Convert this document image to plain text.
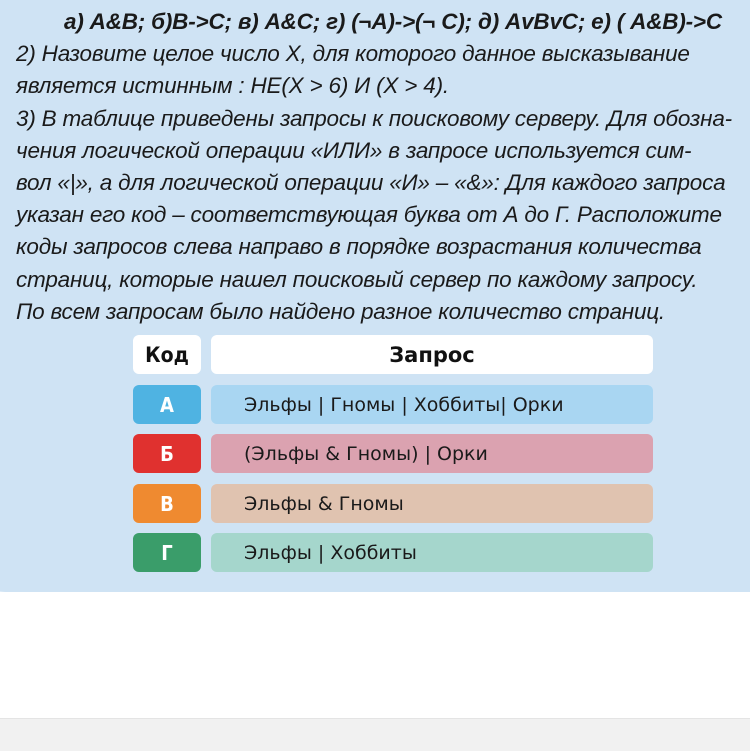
а) A&B; б)B->C; в) A&C; г) (¬A)->(¬ C); д) AvBvC; е) ( A&B)->C
2) Назовите целое число Х, для которого данное высказывание
является истинным : НЕ(X > 6) И (X > 4).
3) В таблице приведены запросы к поисковому серверу. Для обозна-
чения логической операции «ИЛИ» в запросе используется сим-
вол «|», а для логической операции «И» – «&»: Для каждого запроса
указан его код – соответствующая буква от А до Г. Расположите
коды запросов слева направо в порядке возрастания количества
страниц, которые нашел поисковый сервер по каждому запросу.
По всем запросам было найдено разное количество страниц.
Код	Запрос
А	Эльфы | Гномы | Хоббиты| Орки
Б	(Эльфы & Гномы) | Орки
В	Эльфы & Гномы
Г	Эльфы | Хоббиты
